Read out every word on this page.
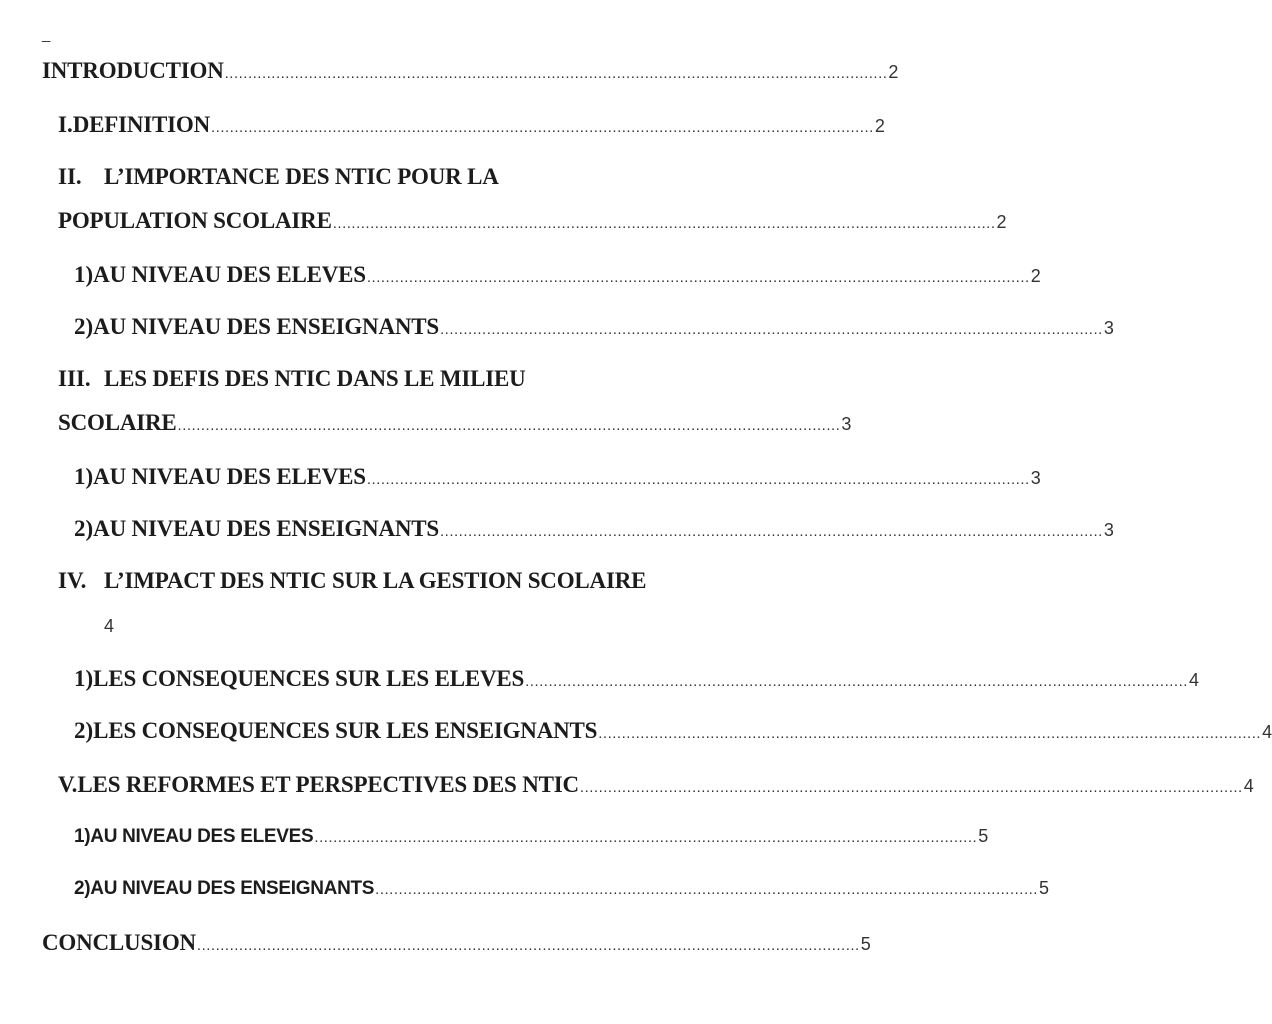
_
INTRODUCTION .............................................................................................................................................. 2
I. DEFINITION .............................................................................................................................................. 2
II. L’IMPORTANCE DES NTIC POUR LA
POPULATION SCOLAIRE .............................................................................................................................................. 2
1) AU NIVEAU DES ELEVES .............................................................................................................................................. 2
2) AU NIVEAU DES ENSEIGNANTS .............................................................................................................................................. 3
III. LES DEFIS DES NTIC DANS LE MILIEU
SCOLAIRE .............................................................................................................................................. 3
1) AU NIVEAU DES ELEVES .............................................................................................................................................. 3
2) AU NIVEAU DES ENSEIGNANTS .............................................................................................................................................. 3
IV. L’IMPACT DES NTIC SUR LA GESTION SCOLAIRE
4
1) LES CONSEQUENCES SUR LES ELEVES .............................................................................................................................................. 4
2) LES CONSEQUENCES SUR LES ENSEIGNANTS .............................................................................................................................................. 4
V. LES REFORMES ET PERSPECTIVES DES NTIC .............................................................................................................................................. 4
1) AU NIVEAU DES ELEVES .............................................................................................................................................. 5
2) AU NIVEAU DES ENSEIGNANTS .............................................................................................................................................. 5
CONCLUSION .............................................................................................................................................. 5
